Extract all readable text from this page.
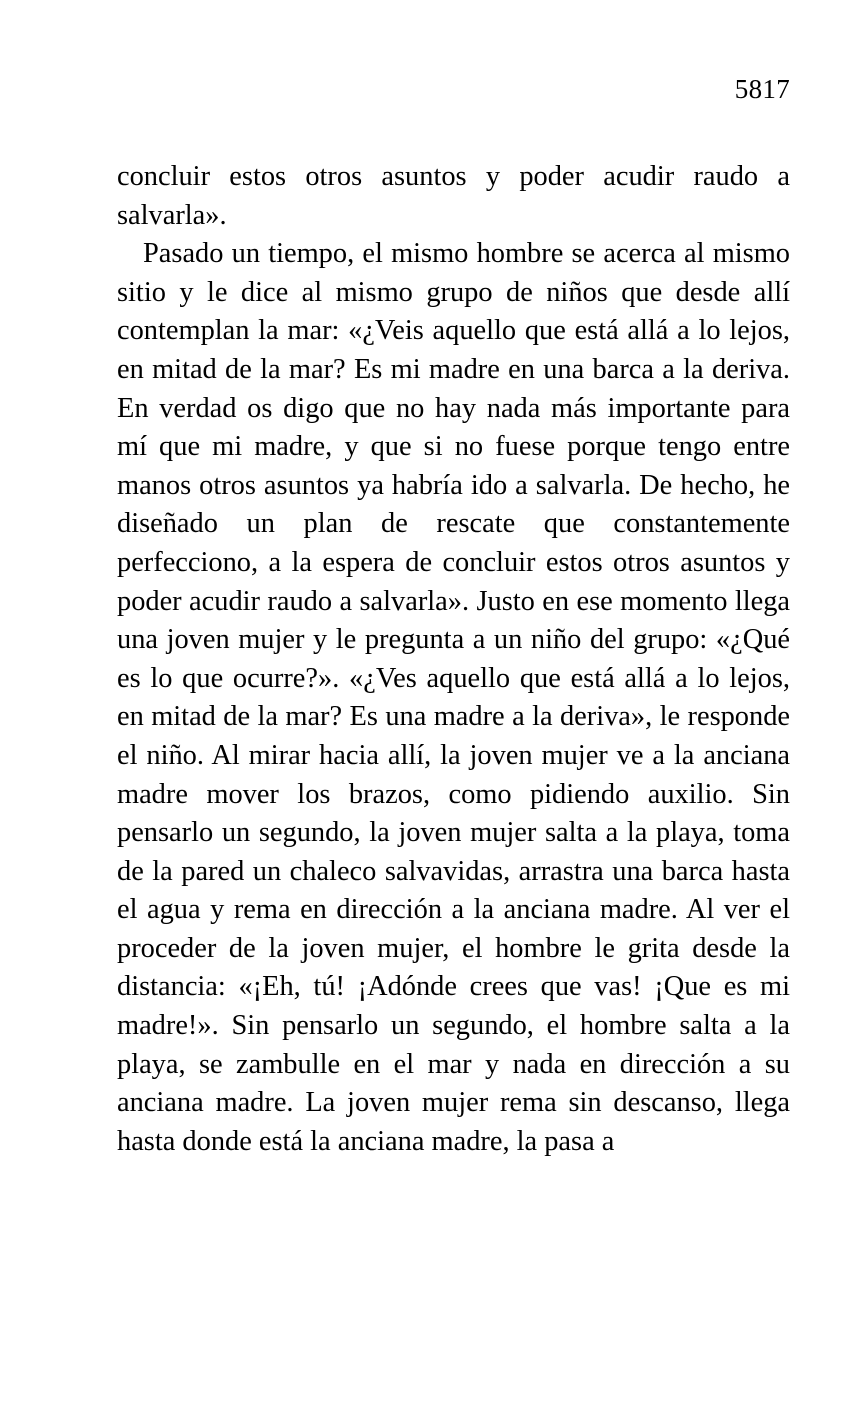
5817

concluir estos otros asuntos y poder acudir raudo a salvarla».

Pasado un tiempo, el mismo hombre se acerca al mismo sitio y le dice al mismo grupo de niños que desde allí contemplan la mar: «¿Veis aquello que está allá a lo lejos, en mitad de la mar? Es mi madre en una barca a la deriva. En verdad os digo que no hay nada más importante para mí que mi madre, y que si no fuese porque tengo entre manos otros asuntos ya habría ido a salvarla. De hecho, he diseñado un plan de rescate que constantemente perfecciono, a la espera de concluir estos otros asuntos y poder acudir raudo a salvarla». Justo en ese momento llega una joven mujer y le pregunta a un niño del grupo: «¿Qué es lo que ocurre?». «¿Ves aquello que está allá a lo lejos, en mitad de la mar? Es una madre a la deriva», le responde el niño. Al mirar hacia allí, la joven mujer ve a la anciana madre mover los brazos, como pidiendo auxilio. Sin pensarlo un segundo, la joven mujer salta a la playa, toma de la pared un chaleco salvavidas, arrastra una barca hasta el agua y rema en dirección a la anciana madre. Al ver el proceder de la joven mujer, el hombre le grita desde la distancia: «¡Eh, tú! ¡Adónde crees que vas! ¡Que es mi madre!». Sin pensarlo un segundo, el hombre salta a la playa, se zambulle en el mar y nada en dirección a su anciana madre. La joven mujer rema sin descanso, llega hasta donde está la anciana madre, la pasa a
